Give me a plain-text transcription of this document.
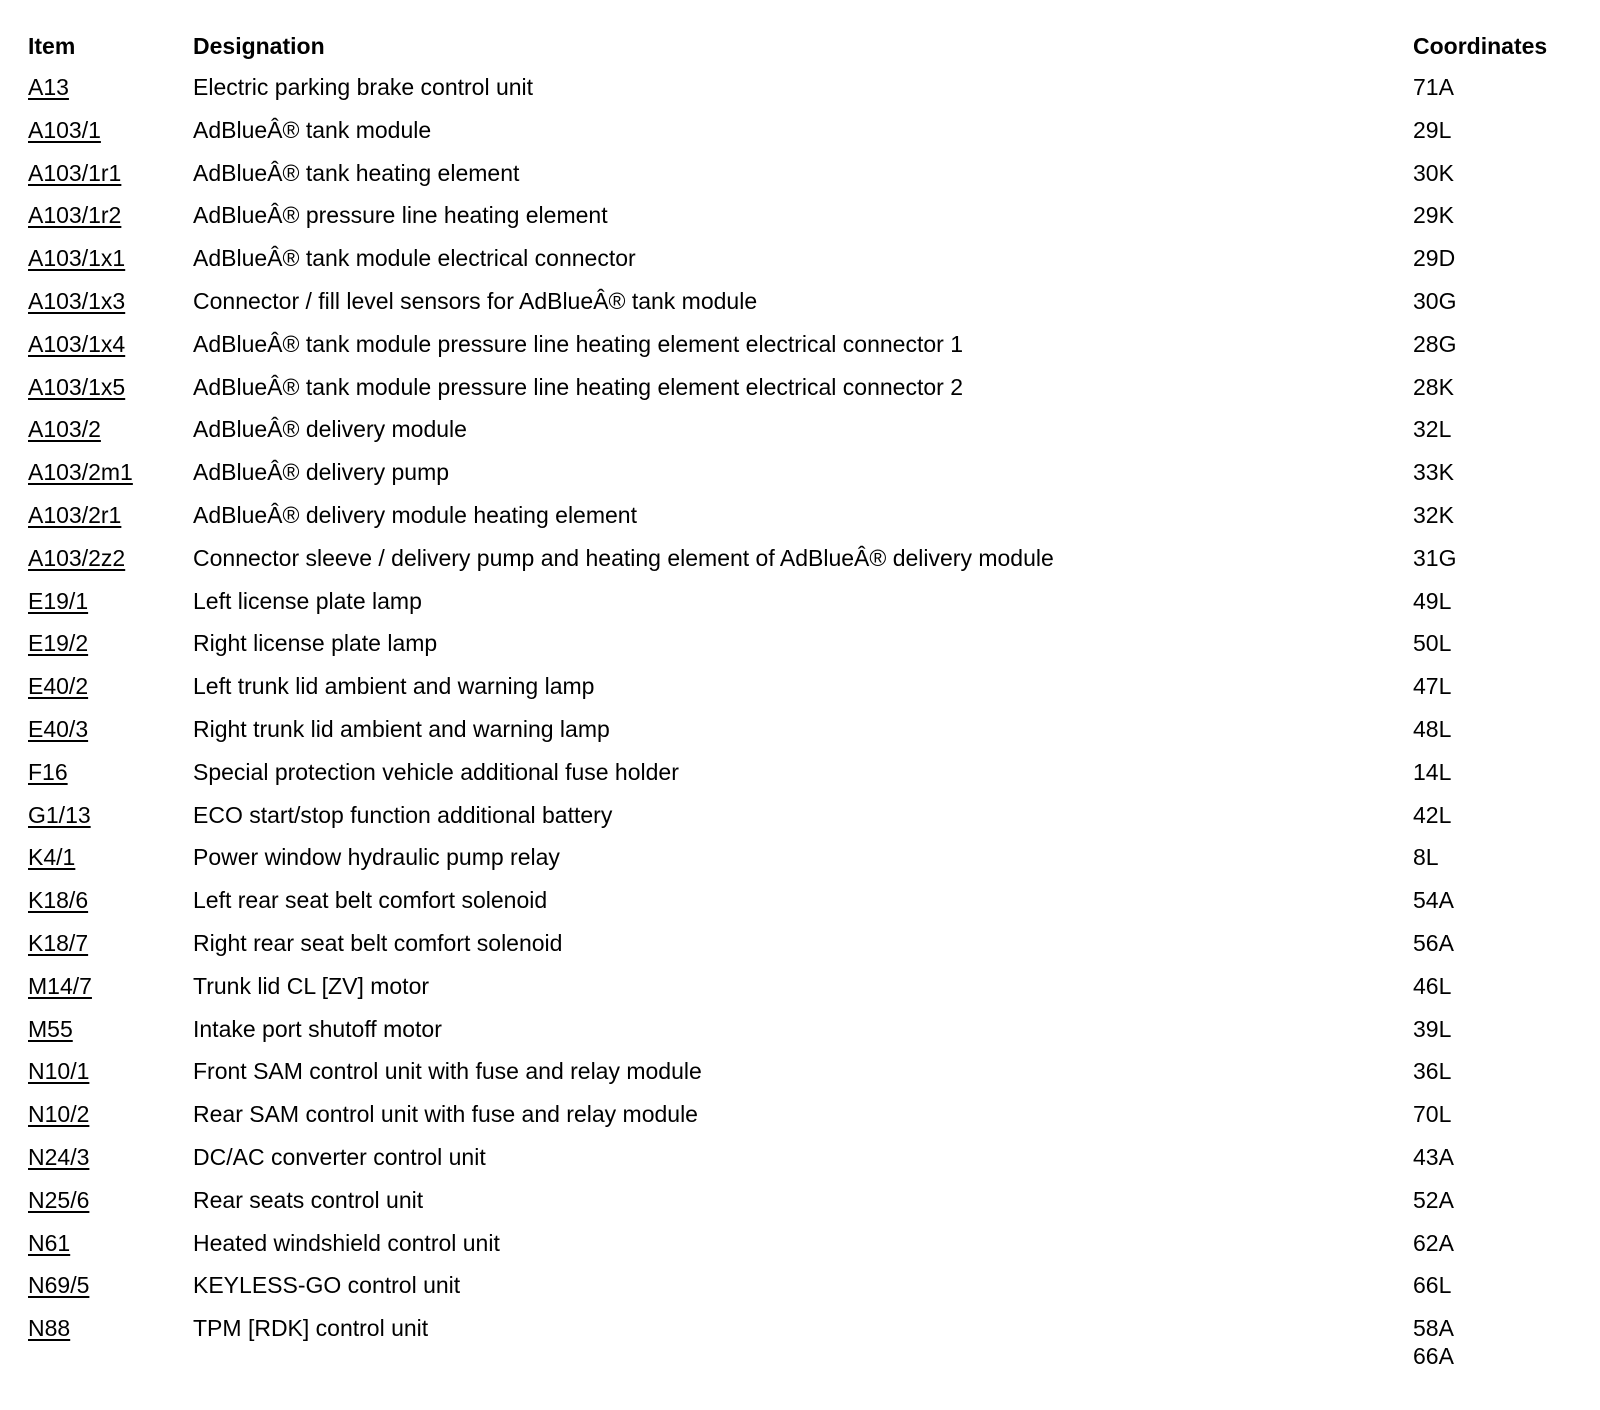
Item	Designation	Coordinates
A13	Electric parking brake control unit	71A
A103/1	AdBlueÂ® tank module	29L
A103/1r1	AdBlueÂ® tank heating element	30K
A103/1r2	AdBlueÂ® pressure line heating element	29K
A103/1x1	AdBlueÂ® tank module electrical connector	29D
A103/1x3	Connector / fill level sensors for AdBlueÂ® tank module	30G
A103/1x4	AdBlueÂ® tank module pressure line heating element electrical connector 1	28G
A103/1x5	AdBlueÂ® tank module pressure line heating element electrical connector 2	28K
A103/2	AdBlueÂ® delivery module	32L
A103/2m1	AdBlueÂ® delivery pump	33K
A103/2r1	AdBlueÂ® delivery module heating element	32K
A103/2z2	Connector sleeve / delivery pump and heating element of AdBlueÂ® delivery module	31G
E19/1	Left license plate lamp	49L
E19/2	Right license plate lamp	50L
E40/2	Left trunk lid ambient and warning lamp	47L
E40/3	Right trunk lid ambient and warning lamp	48L
F16	Special protection vehicle additional fuse holder	14L
G1/13	ECO start/stop function additional battery	42L
K4/1	Power window hydraulic pump relay	8L
K18/6	Left rear seat belt comfort solenoid	54A
K18/7	Right rear seat belt comfort solenoid	56A
M14/7	Trunk lid CL [ZV] motor	46L
M55	Intake port shutoff motor	39L
N10/1	Front SAM control unit with fuse and relay module	36L
N10/2	Rear SAM control unit with fuse and relay module	70L
N24/3	DC/AC converter control unit	43A
N25/6	Rear seats control unit	52A
N61	Heated windshield control unit	62A
N69/5	KEYLESS-GO control unit	66L
N88	TPM [RDK] control unit	58A
66A
